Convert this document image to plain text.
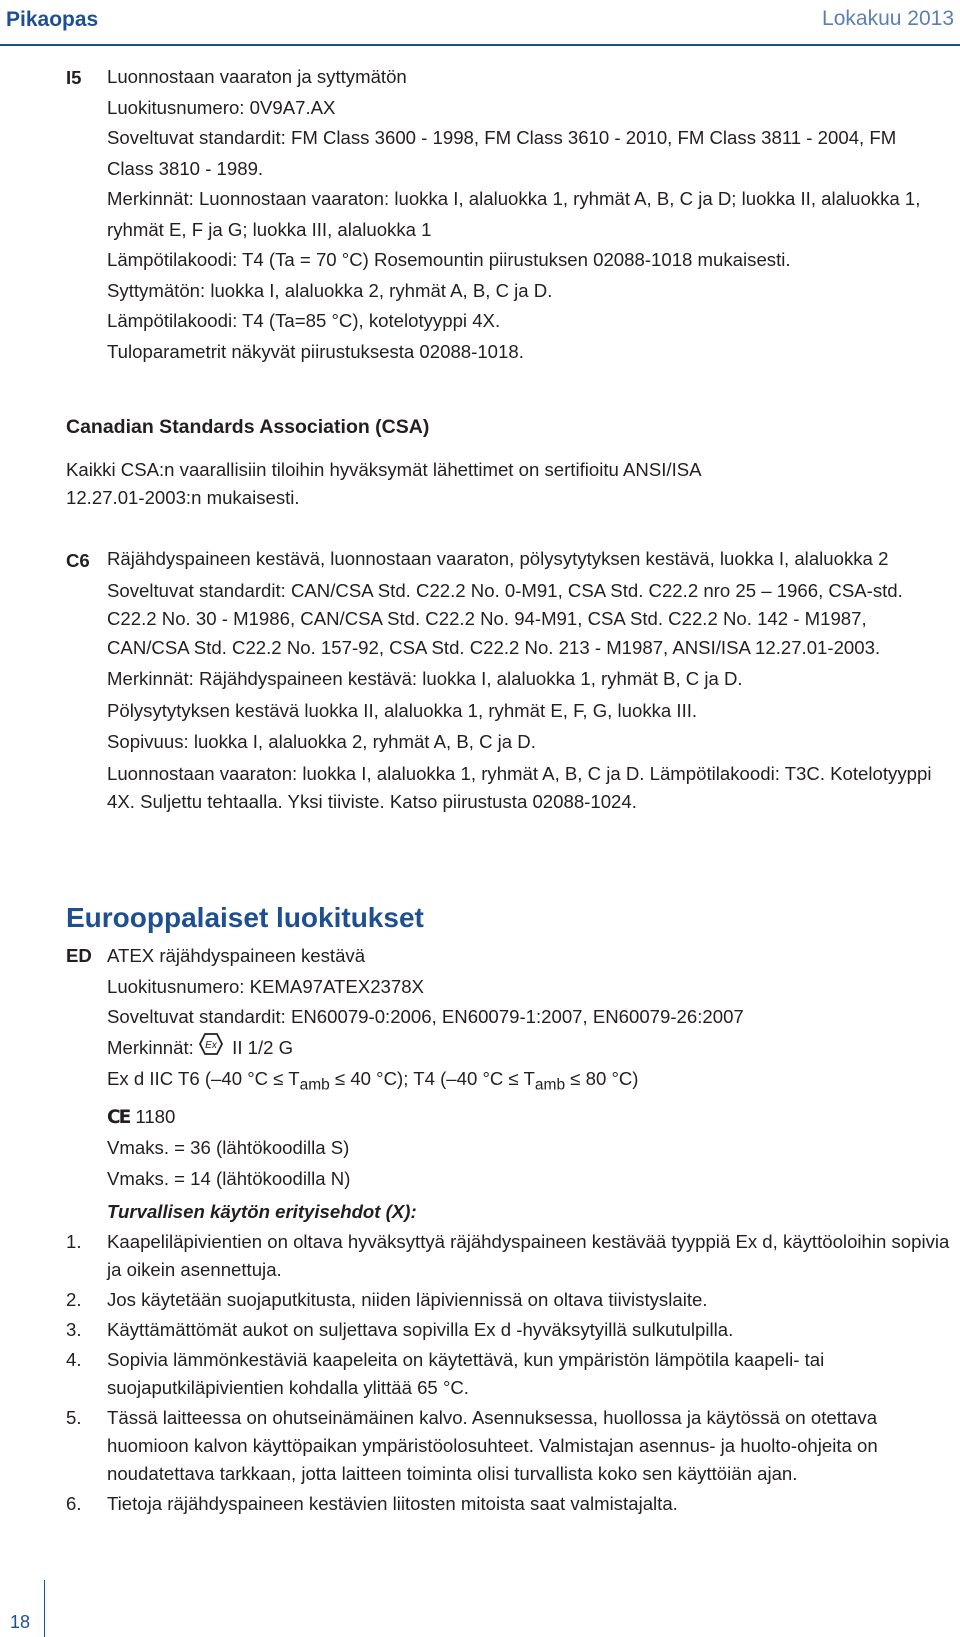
Pikaopas	Lokakuu 2013
I5	Luonnostaan vaaraton ja syttymätön

Luokitusnumero: 0V9A7.AX

Soveltuvat standardit: FM Class 3600 - 1998, FM Class 3610 - 2010, FM Class 3811 - 2004, FM Class 3810 - 1989.

Merkinnät: Luonnostaan vaaraton: luokka I, alaluokka 1, ryhmät A, B, C ja D; luokka II, alaluokka 1, ryhmät E, F ja G; luokka III, alaluokka 1

Lämpötilakoodi: T4 (Ta = 70 °C) Rosemountin piirustuksen 02088-1018 mukaisesti.

Syttymätön: luokka I, alaluokka 2, ryhmät A, B, C ja D.

Lämpötilakoodi: T4 (Ta=85 °C), kotelotyyppi 4X.

Tuloparametrit näkyvät piirustuksesta 02088-1018.

Canadian Standards Association (CSA)
Kaikki CSA:n vaarallisiin tiloihin hyväksymät lähettimet on sertifioitu ANSI/ISA 12.27.01-2003:n mukaisesti.
C6 Räjähdyspaineen kestävä, luonnostaan vaaraton, pölysytytyksen kestävä, luokka I, alaluokka 2

Soveltuvat standardit: CAN/CSA Std. C22.2 No. 0-M91, CSA Std. C22.2 nro 25 – 1966, CSA-std. C22.2 No. 30 - M1986, CAN/CSA Std. C22.2 No. 94-M91, CSA Std. C22.2 No. 142 - M1987, CAN/CSA Std. C22.2 No. 157-92, CSA Std. C22.2 No. 213 - M1987, ANSI/ISA 12.27.01-2003.

Merkinnät: Räjähdyspaineen kestävä: luokka I, alaluokka 1, ryhmät B, C ja D.

Pölysytytyksen kestävä luokka II, alaluokka 1, ryhmät E, F, G, luokka III.

Sopivuus: luokka I, alaluokka 2, ryhmät A, B, C ja D.

Luonnostaan vaaraton: luokka I, alaluokka 1, ryhmät A, B, C ja D. Lämpötilakoodi: T3C. Kotelotyyppi 4X. Suljettu tehtaalla. Yksi tiiviste. Katso piirustusta 02088-1024.

Eurooppalaiset luokitukset
ED ATEX räjähdyspaineen kestävä

Luokitusnumero: KEMA97ATEX2378X

Soveltuvat standardit: EN60079-0:2006, EN60079-1:2007, EN60079-26:2007

Merkinnät: Ex II 1/2 G

Ex d IIC T6 (–40 $^\circ C \le T_{amb} \le 40$ °C); T4 (–40 $^\circ C \le T_{amb} \le 80$ °C)

CE 1180

Vmaks. = 36 (lähtökoodilla S)

Vmaks. = 14 (lähtökoodilla N)

Turvallisen käytön erityisehdot (X):
1.	Kaapeliläpivientien on oltava hyväksyttyä räjähdyspaineen kestävää tyyppiä Ex d, käyttöoloihin sopivia ja oikein asennettuja.
2.	Jos käytetään suojaputkitusta, niiden läpiviennissä on oltava tiivistyslaite.
3.	Käyttämättömät aukot on suljettava sopivilla Ex d -hyväksytyillä sulkutulpilla.
4.	Sopivia lämmönkestäviä kaapeleita on käytettävä, kun ympäristön lämpötila kaapeli- tai suojaputkiläpivientien kohdalla ylittää 65 °C.
5.	Tässä laitteessa on ohutseinämäinen kalvo. Asennuksessa, huollossa ja käytössä on otettava huomioon kalvon käyttöpaikan ympäristöolosuhteet. Valmistajan asennus- ja huolto-ohjeita on noudatettava tarkkaan, jotta laitteen toiminta olisi turvallista koko sen käyttöiän ajan.
6.	Tietoja räjähdyspaineen kestävien liitosten mitoista saat valmistajalta.
18
